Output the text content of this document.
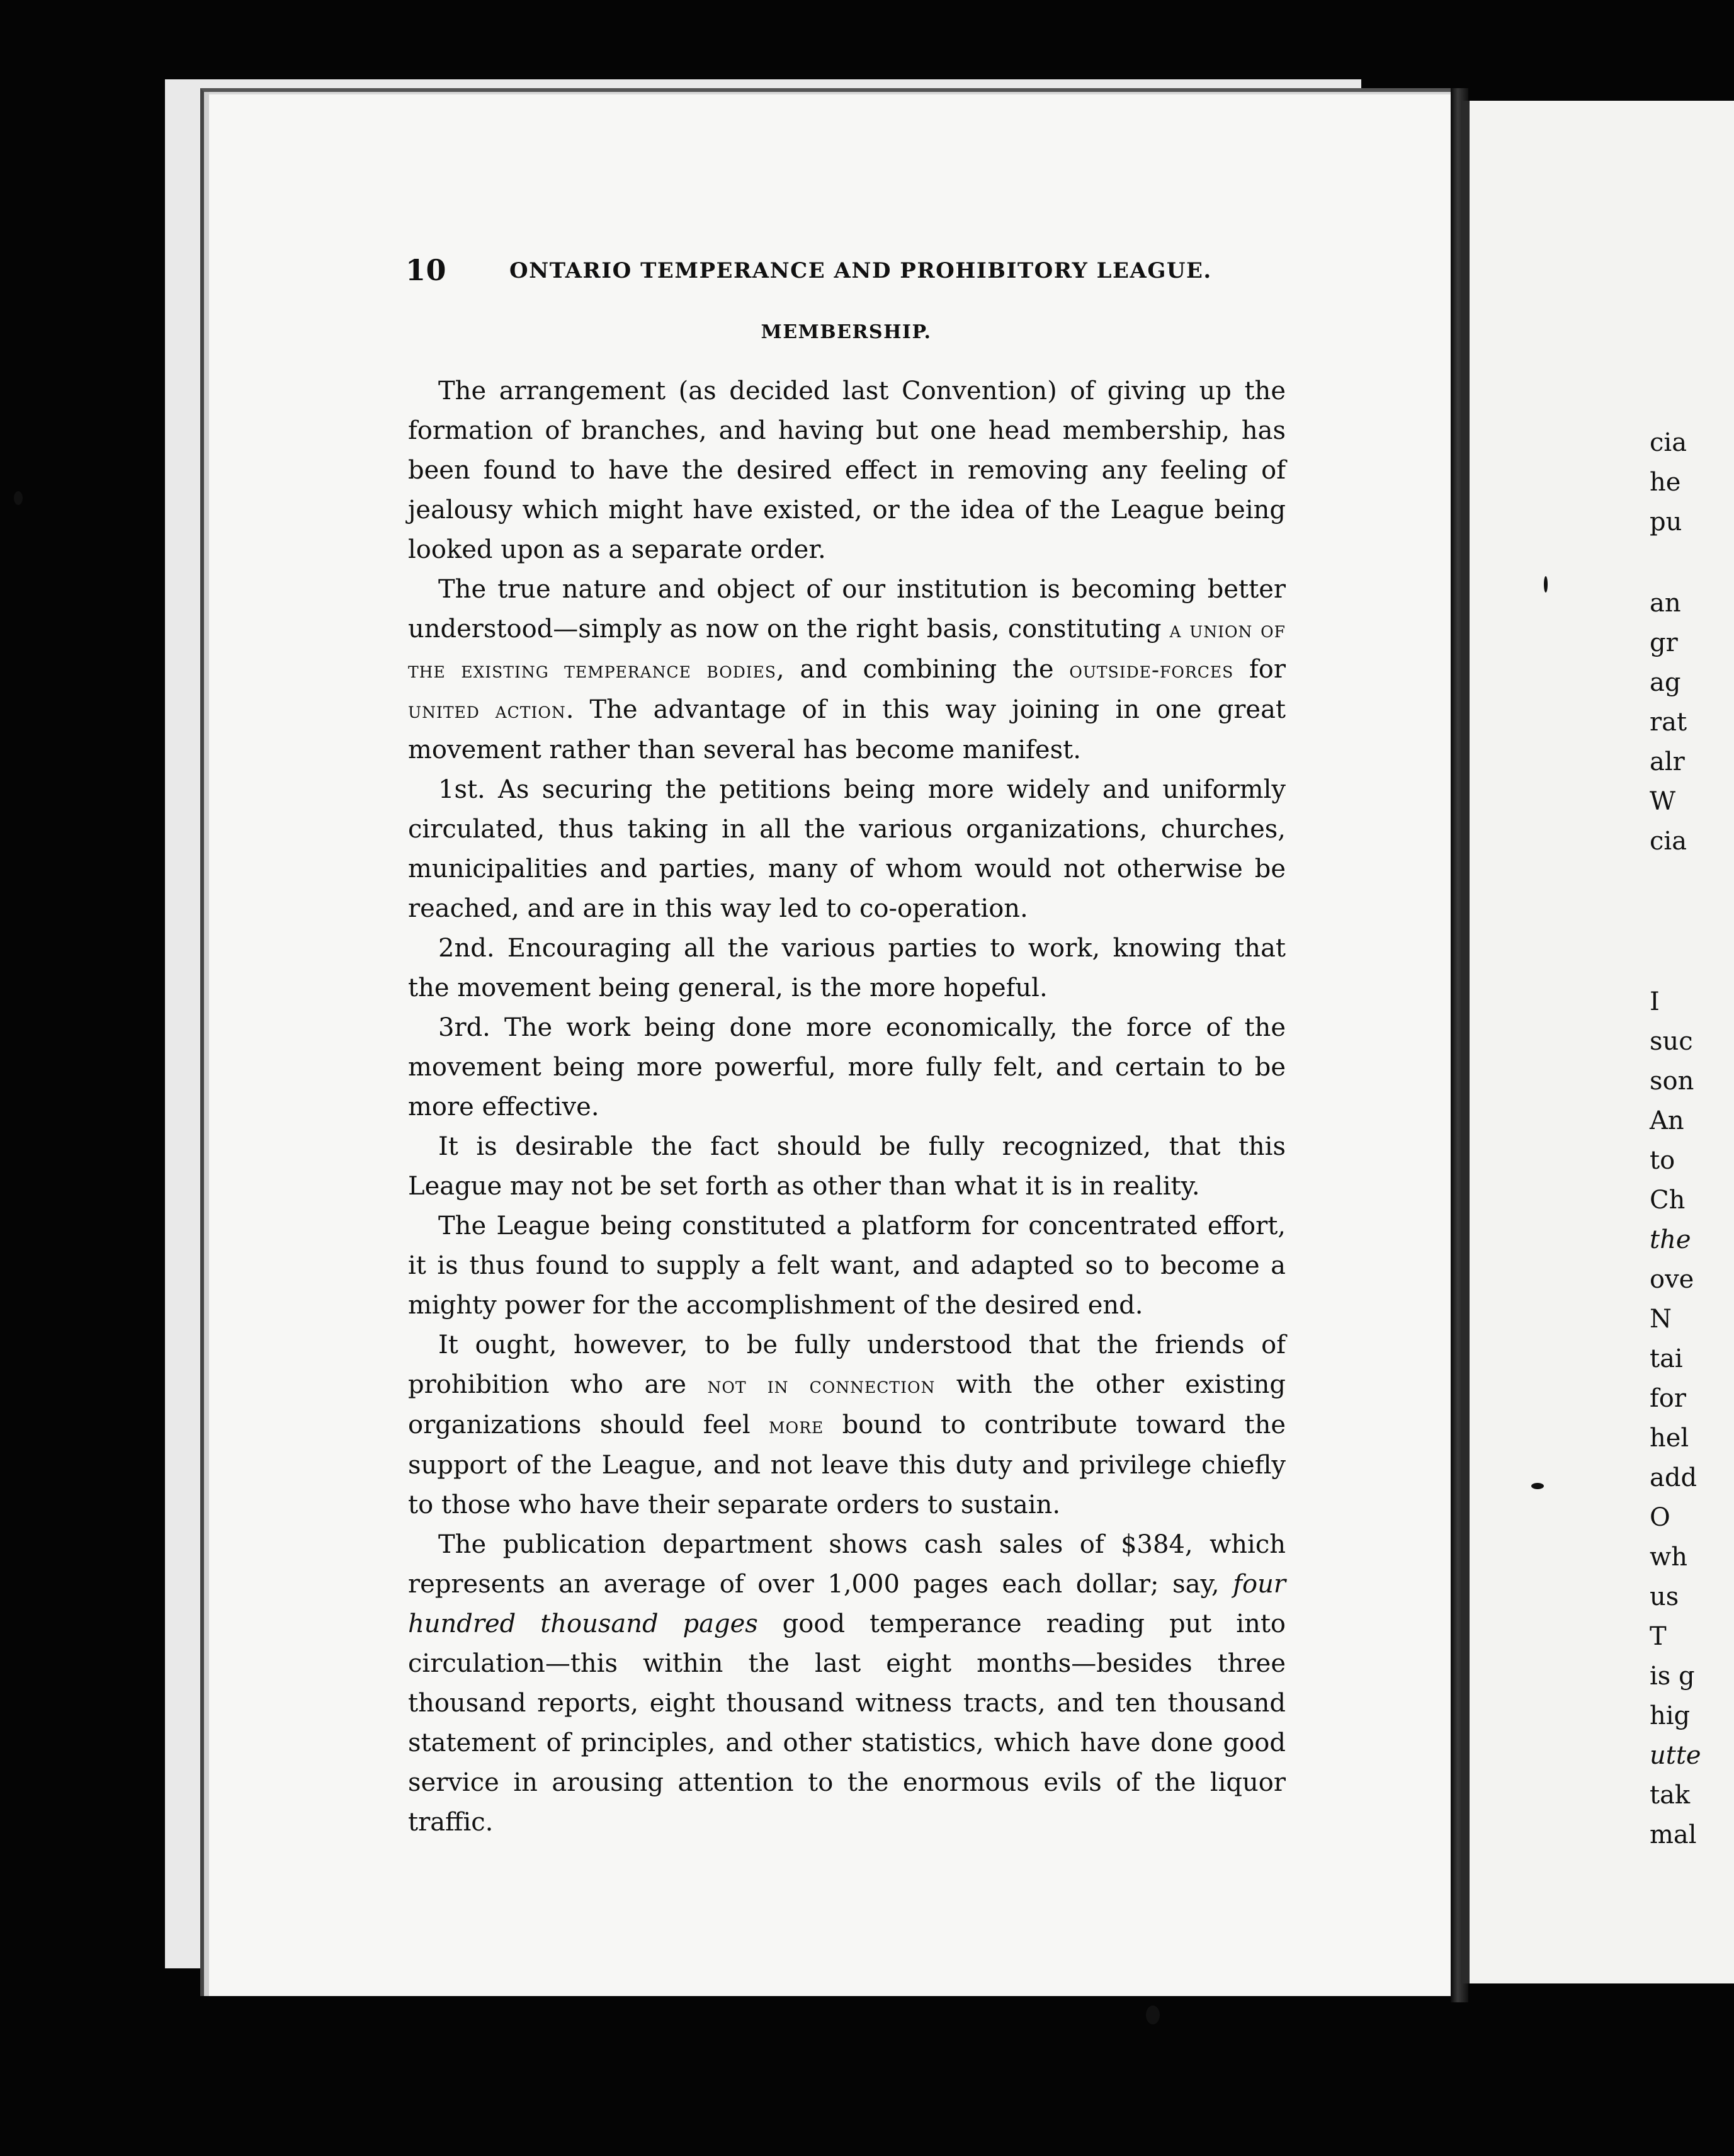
10	ONTARIO TEMPERANCE AND PROHIBITORY LEAGUE.
MEMBERSHIP.

The arrangement (as decided last Convention) of giving up the formation of branches, and having but one head membership, has been found to have the desired effect in removing any feeling of jealousy which might have existed, or the idea of the League being looked upon as a separate order.

The true nature and object of our institution is becoming better understood—simply as now on the right basis, constituting a union of the existing temperance bodies, and combining the outside-forces for united action. The advantage of in this way joining in one great movement rather than several has become manifest.

1st. As securing the petitions being more widely and uniformly circulated, thus taking in all the various organizations, churches, municipalities and parties, many of whom would not otherwise be reached, and are in this way led to co-operation.

2nd. Encouraging all the various parties to work, knowing that the movement being general, is the more hopeful.

3rd. The work being done more economically, the force of the movement being more powerful, more fully felt, and certain to be more effective.

It is desirable the fact should be fully recognized, that this League may not be set forth as other than what it is in reality.

The League being constituted a platform for concentrated effort, it is thus found to supply a felt want, and adapted so to become a mighty power for the accomplishment of the desired end.

It ought, however, to be fully understood that the friends of prohibition who are not in connection with the other existing organizations should feel more bound to contribute toward the support of the League, and not leave this duty and privilege chiefly to those who have their separate orders to sustain.

The publication department shows cash sales of $384, which represents an average of over 1,000 pages each dollar; say, four hundred thousand pages good temperance reading put into circulation—this within the last eight months—besides three thousand reports, eight thousand witness tracts, and ten thousand statement of principles, and other statistics, which have done good service in arousing attention to the enormous evils of the liquor traffic.

cia
he
pu
an
gr
ag
rat
alr
W
cia
I
suc
son
An
to
Ch
the
ove
N
tai
for
hel
add
O
wh
us
T
is g
hig
utte
tak
mal
